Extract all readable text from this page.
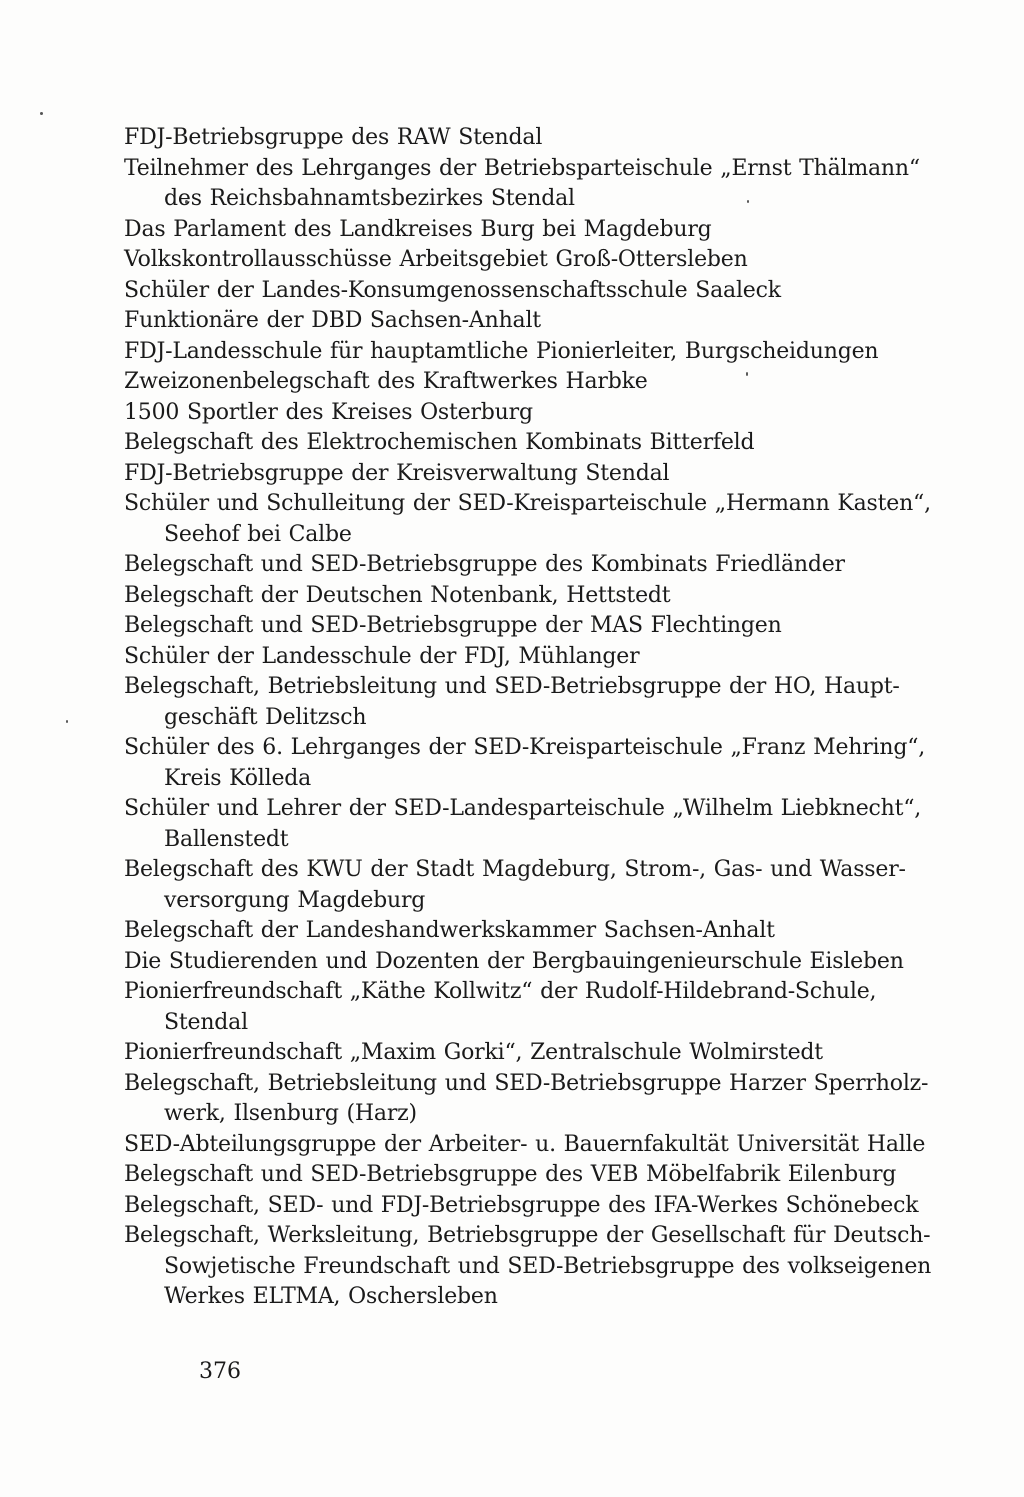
FDJ-Betriebsgruppe des RAW Stendal
Teilnehmer des Lehrganges der Betriebsparteischule „Ernst Thälmann“
des Reichsbahnamtsbezirkes Stendal
Das Parlament des Landkreises Burg bei Magdeburg
Volkskontrollausschüsse Arbeitsgebiet Groß-Ottersleben
Schüler der Landes-Konsumgenossenschaftsschule Saaleck
Funktionäre der DBD Sachsen-Anhalt
FDJ-Landesschule für hauptamtliche Pionierleiter, Burgscheidungen
Zweizonenbelegschaft des Kraftwerkes Harbke
1500 Sportler des Kreises Osterburg
Belegschaft des Elektrochemischen Kombinats Bitterfeld
FDJ-Betriebsgruppe der Kreisverwaltung Stendal
Schüler und Schulleitung der SED-Kreisparteischule „Hermann Kasten“,
Seehof bei Calbe
Belegschaft und SED-Betriebsgruppe des Kombinats Friedländer
Belegschaft der Deutschen Notenbank, Hettstedt
Belegschaft und SED-Betriebsgruppe der MAS Flechtingen
Schüler der Landesschule der FDJ, Mühlanger
Belegschaft, Betriebsleitung und SED-Betriebsgruppe der HO, Haupt-
geschäft Delitzsch
Schüler des 6. Lehrganges der SED-Kreisparteischule „Franz Mehring“,
Kreis Kölleda
Schüler und Lehrer der SED-Landesparteischule „Wilhelm Liebknecht“,
Ballenstedt
Belegschaft des KWU der Stadt Magdeburg, Strom-, Gas- und Wasser-
versorgung Magdeburg
Belegschaft der Landeshandwerkskammer Sachsen-Anhalt
Die Studierenden und Dozenten der Bergbauingenieurschule Eisleben
Pionierfreundschaft „Käthe Kollwitz“ der Rudolf-Hildebrand-Schule,
Stendal
Pionierfreundschaft „Maxim Gorki“, Zentralschule Wolmirstedt
Belegschaft, Betriebsleitung und SED-Betriebsgruppe Harzer Sperrholz-
werk, Ilsenburg (Harz)
SED-Abteilungsgruppe der Arbeiter- u. Bauernfakultät Universität Halle
Belegschaft und SED-Betriebsgruppe des VEB Möbelfabrik Eilenburg
Belegschaft, SED- und FDJ-Betriebsgruppe des IFA-Werkes Schönebeck
Belegschaft, Werksleitung, Betriebsgruppe der Gesellschaft für Deutsch-
Sowjetische Freundschaft und SED-Betriebsgruppe des volkseigenen
Werkes ELTMA, Oschersleben
376
